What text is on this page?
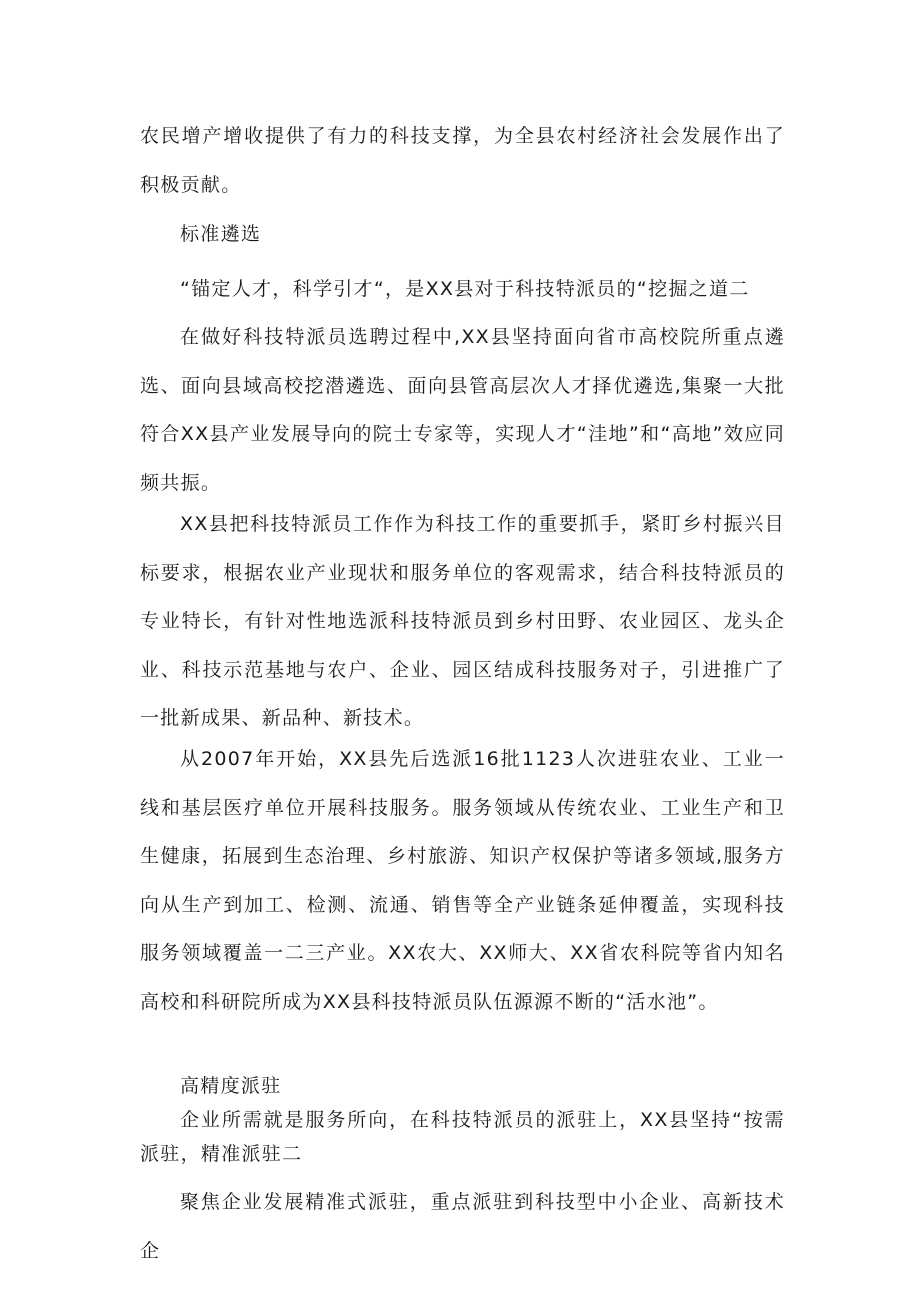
农民增产增收提供了有力的科技支撑，为全县农村经济社会发展作出了积极贡献。

标准遴选

“锚定人才，科学引才“，是XX县对于科技特派员的“挖掘之道二

在做好科技特派员选聘过程中,XX县坚持面向省市高校院所重点遴选、面向县域高校挖潜遴选、面向县管高层次人才择优遴选,集聚一大批符合XX县产业发展导向的院士专家等，实现人才“洼地”和“高地”效应同频共振。

XX县把科技特派员工作作为科技工作的重要抓手，紧盯乡村振兴目标要求，根据农业产业现状和服务单位的客观需求，结合科技特派员的专业特长，有针对性地选派科技特派员到乡村田野、农业园区、龙头企业、科技示范基地与农户、企业、园区结成科技服务对子，引进推广了一批新成果、新品种、新技术。

从2007年开始，XX县先后选派16批1123人次进驻农业、工业一线和基层医疗单位开展科技服务。服务领域从传统农业、工业生产和卫生健康，拓展到生态治理、乡村旅游、知识产权保护等诸多领域,服务方向从生产到加工、检测、流通、销售等全产业链条延伸覆盖，实现科技服务领域覆盖一二三产业。XX农大、XX师大、XX省农科院等省内知名高校和科研院所成为XX县科技特派员队伍源源不断的“活水池”。

高精度派驻

企业所需就是服务所向，在科技特派员的派驻上，XX县坚持“按需派驻，精准派驻二

聚焦企业发展精准式派驻，重点派驻到科技型中小企业、高新技术企
